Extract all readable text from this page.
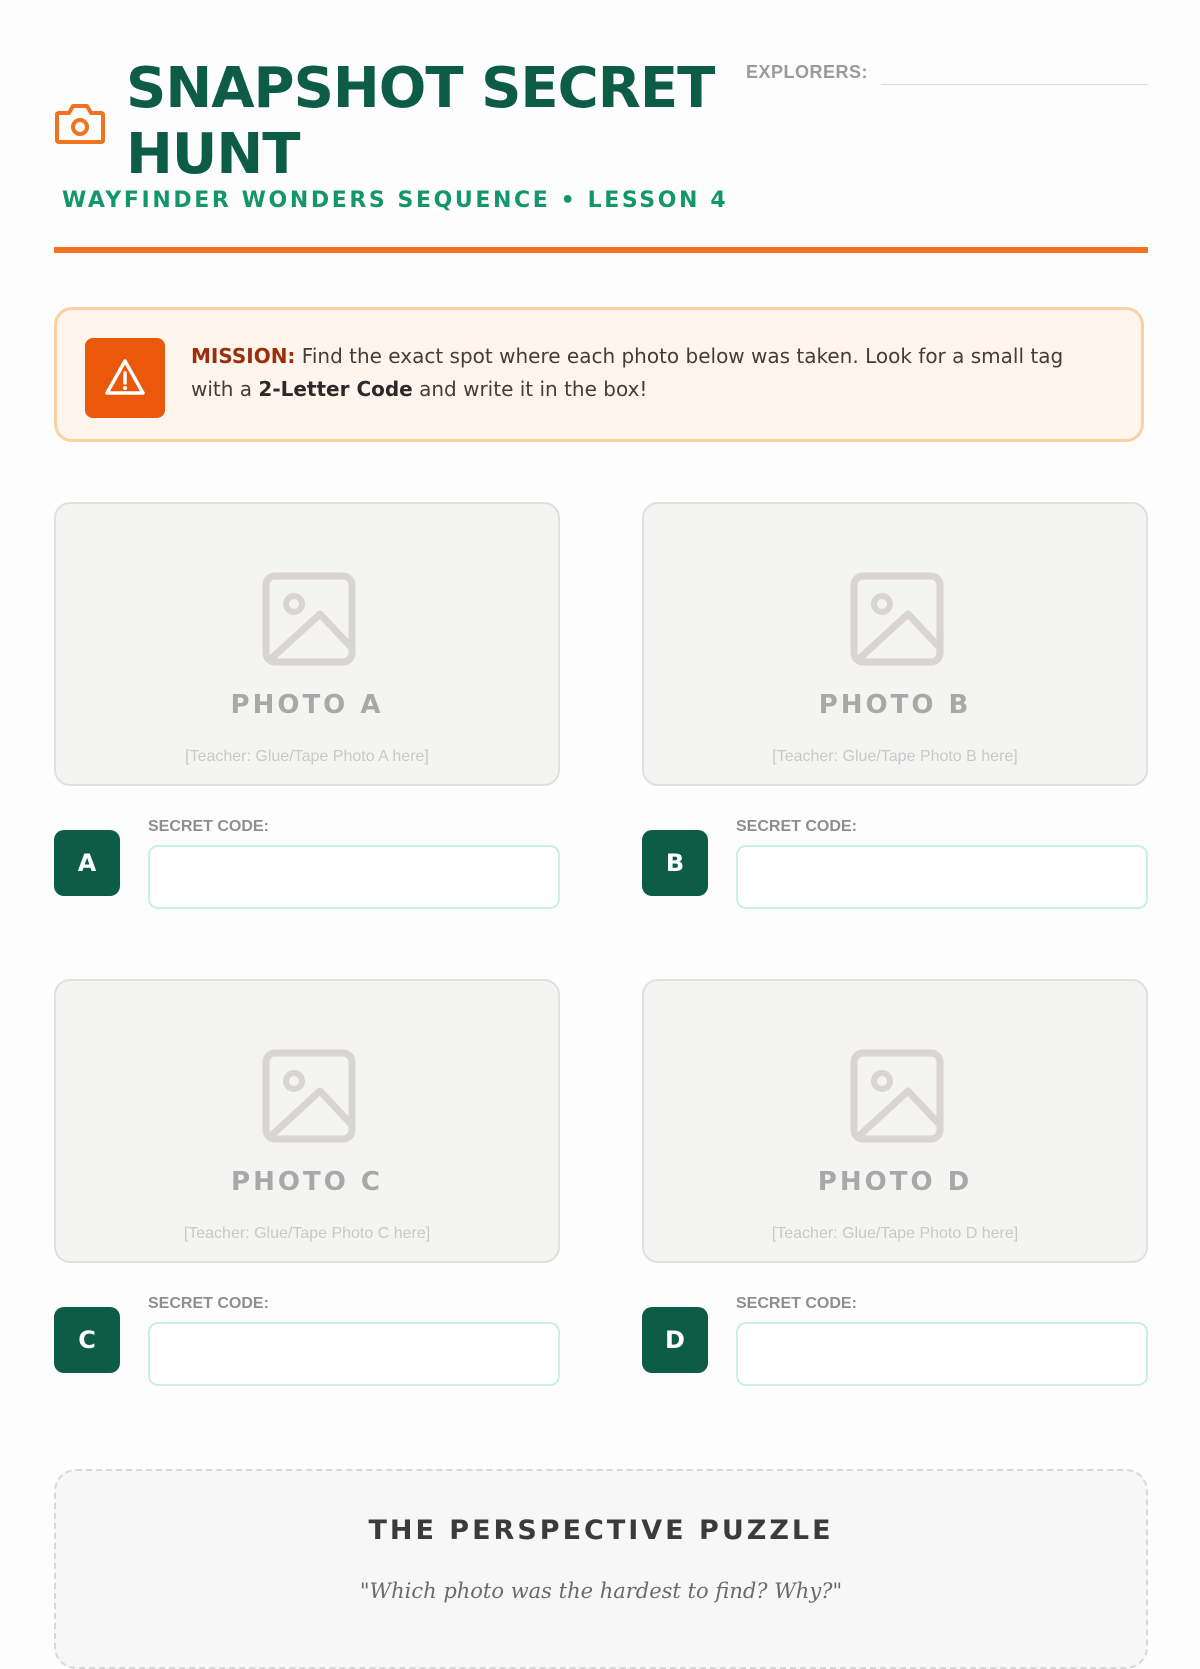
SNAPSHOT SECRET HUNT
EXPLORERS:
WAYFINDER WONDERS SEQUENCE • LESSON 4

MISSION: Find the exact spot where each photo below was taken. Look for a small tag with a 2-Letter Code and write it in the box!

PHOTO A
[Teacher: Glue/Tape Photo A here]
A
SECRET CODE:
PHOTO B
[Teacher: Glue/Tape Photo B here]
B
SECRET CODE:
PHOTO C
[Teacher: Glue/Tape Photo C here]
C
SECRET CODE:
PHOTO D
[Teacher: Glue/Tape Photo D here]
D
SECRET CODE:
THE PERSPECTIVE PUZZLE

"Which photo was the hardest to find? Why?"
